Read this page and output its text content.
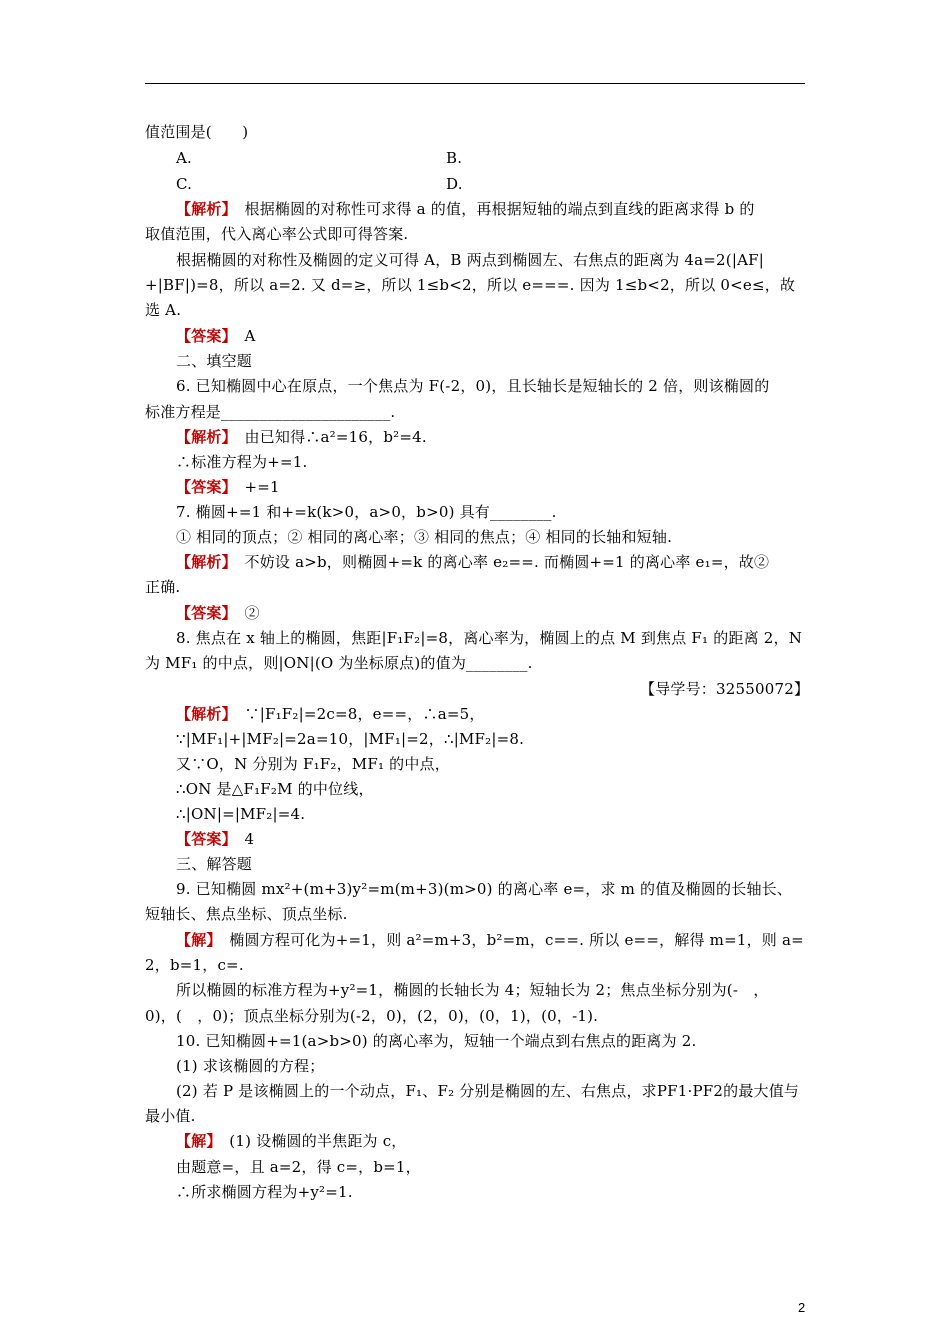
值范围是(　　)
A.	B.
C.	D.
【解析】　根据椭圆的对称性可求得 a 的值，再根据短轴的端点到直线的距离求得 b 的
取值范围，代入离心率公式即可得答案.
根据椭圆的对称性及椭圆的定义可得 A，B 两点到椭圆左、右焦点的距离为 4a=2(|AF|
+|BF|)=8，所以 a=2. 又 d=≥，所以 1≤b<2，所以 e===. 因为 1≤b<2，所以 0<e≤，故
选 A.
【答案】　A
二、填空题
6. 已知椭圆中心在原点，一个焦点为 F(-2，0)，且长轴长是短轴长的 2 倍，则该椭圆的
标准方程是______________________.
【解析】　由已知得∴a²=16，b²=4.
∴标准方程为+=1.
【答案】　+=1
7. 椭圆+=1 和+=k(k>0，a>0，b>0) 具有________.
① 相同的顶点；② 相同的离心率；③ 相同的焦点；④ 相同的长轴和短轴.
【解析】　不妨设 a>b，则椭圆+=k 的离心率 e₂==. 而椭圆+=1 的离心率 e₁=，故②
正确.
【答案】　②
8. 焦点在 x 轴上的椭圆，焦距|F₁F₂|=8，离心率为，椭圆上的点 M 到焦点 F₁ 的距离 2，N
为 MF₁ 的中点，则|ON|(O 为坐标原点)的值为________.
【导学号：32550072】
【解析】　∵|F₁F₂|=2c=8，e==，∴a=5，
∵|MF₁|+|MF₂|=2a=10，|MF₁|=2，∴|MF₂|=8.
又∵O，N 分别为 F₁F₂，MF₁ 的中点，
∴ON 是△F₁F₂M 的中位线，
∴|ON|=|MF₂|=4.
【答案】　4
三、解答题
9. 已知椭圆 mx²+(m+3)y²=m(m+3)(m>0) 的离心率 e=，求 m 的值及椭圆的长轴长、
短轴长、焦点坐标、顶点坐标.
【解】　椭圆方程可化为+=1，则 a²=m+3，b²=m，c==. 所以 e==，解得 m=1，则 a=
2，b=1，c=.
所以椭圆的标准方程为+y²=1，椭圆的长轴长为 4；短轴长为 2；焦点坐标分别为(-　，
0)，(　，0)；顶点坐标分别为(-2，0)，(2，0)，(0，1)，(0，-1).
10. 已知椭圆+=1(a>b>0) 的离心率为，短轴一个端点到右焦点的距离为 2.
(1) 求该椭圆的方程；
(2) 若 P 是该椭圆上的一个动点，F₁、F₂ 分别是椭圆的左、右焦点，求PF1·PF2的最大值与
最小值.
【解】　(1) 设椭圆的半焦距为 c，
由题意=，且 a=2，得 c=，b=1，
∴所求椭圆方程为+y²=1.
2
